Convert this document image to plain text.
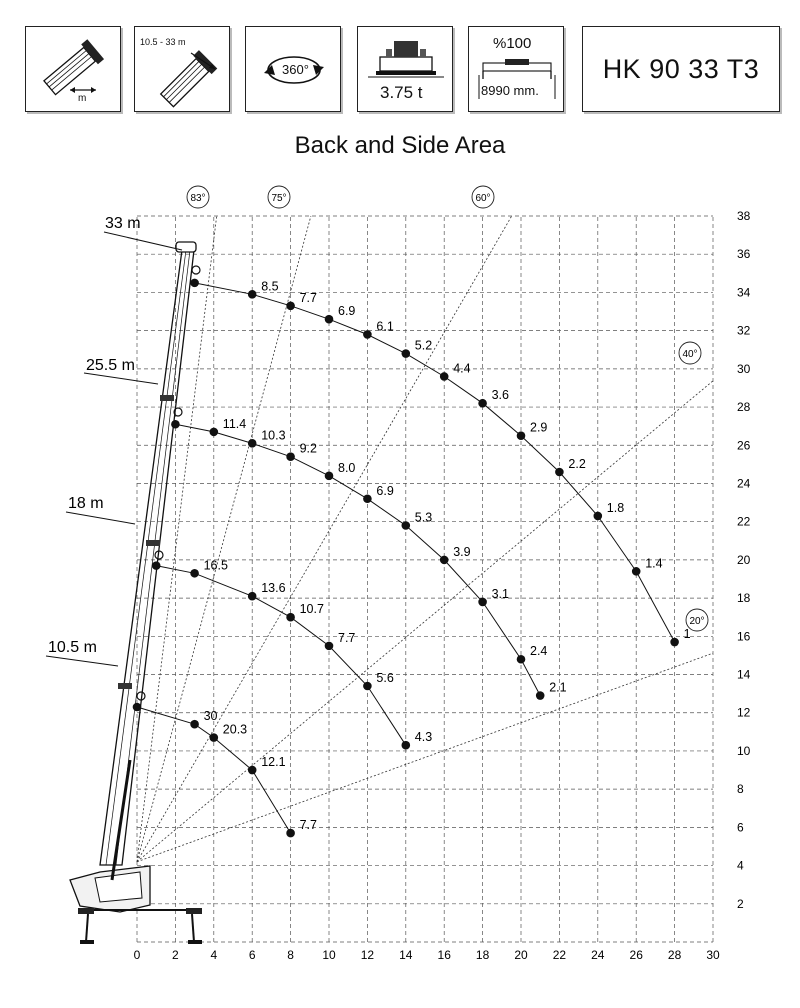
m
10.5 - 33 m
360°
3.75 t
%100
8990 mm.
HK 90 33 T3
Back and Side Area
83°	75°	60°
40°
20°
33 m
25.5 m
18 m
10.5 m
8.5
7.7
6.9
6.1
5.2
4.4
3.6
2.9
2.2
1.8
1.4
1
11.4
10.3
9.2
8.0
6.9
5.3
3.9
3.1
2.4
2.1
16.5
13.6
10.7
7.7
5.6
4.3
30
20.3
12.1
7.7
0	2	4	6	8 10 12 14 16 18 20 22 24 26 28 30
2
4
6
8
10
12
14
16
18
20
22
24
26
28
30
32
34
36
38
